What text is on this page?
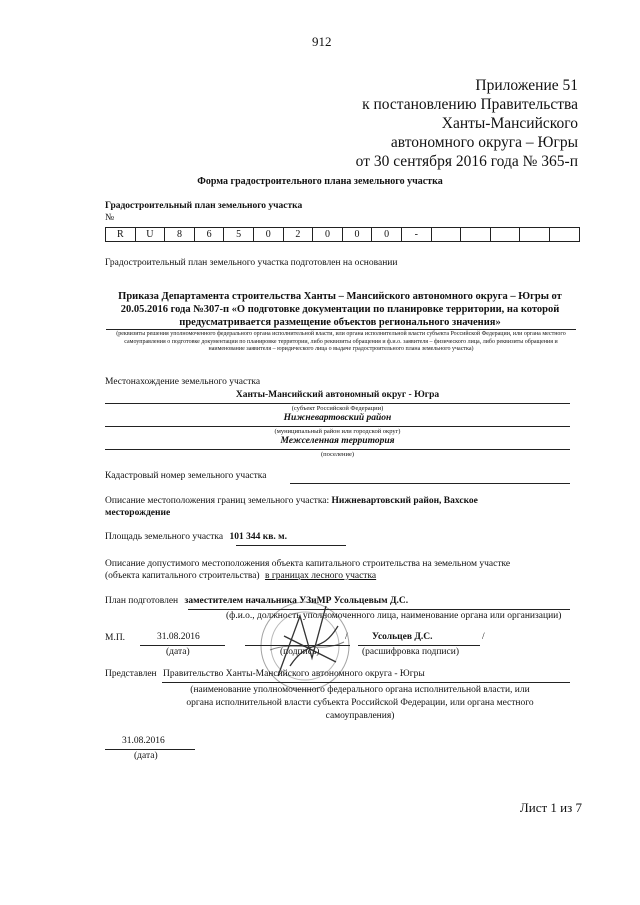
912
Приложение 51
к постановлению Правительства
Ханты-Мансийского
автономного округа – Югры
от 30 сентября 2016 года № 365-п
Форма градостроительного плана земельного участка
Градостроительный план земельного участка
№
R	U	8	6	5	0	2	0	0	0	-					
Градостроительный план земельного участка подготовлен на основании
Приказа Департамента строительства Ханты – Мансийского автономного округа – Югры от 20.05.2016 года №307-п «О подготовке документации по планировке территории, на которой предусматривается размещение объектов регионального значения»
(реквизиты решения уполномоченного федерального органа исполнительной власти, или органа исполнительной власти субъекта Российской Федерации, или органа местного самоуправления о подготовке документации по планировке территории, либо реквизиты обращения и ф.и.о. заявителя – физического лица, либо реквизиты обращения и наименование заявителя – юридического лица о выдаче градостроительного плана земельного участка)
Местонахождение земельного участка
Ханты-Мансийский автономный округ - Югра
(субъект Российской Федерации)
Нижневартовский район
(муниципальный район или городской округ)
Межселенная территория
(поселение)
Кадастровый номер земельного участка
Описание местоположения границ земельного участка: Нижневартовский район, Вахское
месторождение
Площадь земельного участка 101 344 кв. м.
Описание допустимого местоположения объекта капитального строительства на земельном участке
(объекта капитального строительства) в границах лесного участка
План подготовлен заместителем начальника УЗиМР Усольцевым Д.С.
(ф.и.о., должность уполномоченного лица, наименование органа или организации)
М.П.	31.08.2016	/	Усольцев Д.С.	/
(дата)	(подпись)	(расшифровка подписи)
Представлен Правительство Ханты-Мансийского автономного округа - Югры
(наименование уполномоченного федерального органа исполнительной власти, или
органа исполнительной власти субъекта Российской Федерации, или органа местного
самоуправления)
31.08.2016
(дата)
Лист 1 из 7
